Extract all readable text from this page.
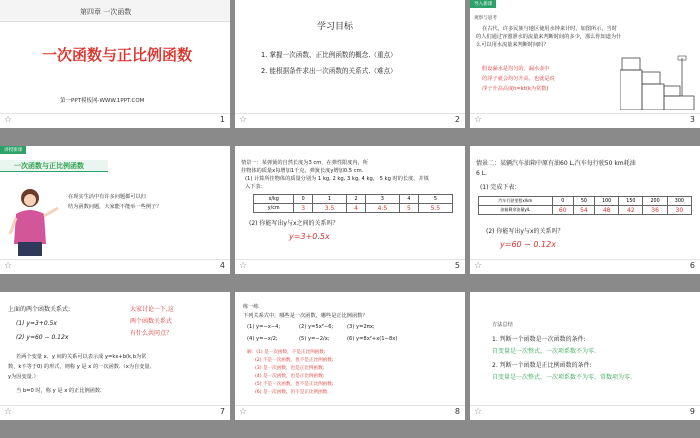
第四章 一次函数
一次函数与正比例函数
第一PPT模板网-WWW.1PPT.COM
☆	1
学习目标
1. 掌握一次函数、正比例函数的概念.（重点）
2. 能根据条件求出一次函数的关系式.（难点）
☆	2
导入新课
观察与思考
在古代，许多民族与地区使用水钟来计时，如图所示，当时
的人们通过容器泄水的流量来判断时间的多少，那么你知道为什
么可以用水流量来判断时间吗？
假设漏水是均匀的，漏水壶中
的浮子就会均匀升高，也就是说
浮子升高高度h=kt(k为常数)
☆	3
讲授新课
一次函数与正比例函数
在现实生活中有许多问题都可以归
结为函数问题，大家能不能举一些例子？
☆	4
情景一：某弹簧的自然长度为3 cm，在弹性限度内，所
挂物体的质量x每增加1千克，弹簧长度y增加0.5 cm.
(1) 计算所挂物体的质量分别为 1 kg, 2 kg, 3 kg, 4 kg， 5 kg 时的长度，并填
入下表：
x/kg	0	1	2	3	4	5
y/cm	3	3.5	4	4.5	5	5.5
(2) 你能写出y与x之间的关系吗？
y=3+0.5x
☆	5
情景二：某辆汽车油箱中原有油60 L,汽车每行驶50 km耗油
6 L.
(1) 完成下表：
汽车行驶里程x/km	0	50	100	150	200	300
油箱剩余油量y/L	60	54	48	42	36	30
(2) 你能写出y与x的关系吗？
y=60 − 0.12x
☆	6
上面的两个函数关系式:
(1) y=3+0.5x
(2) y=60 − 0.12x
大家讨论一下,这
两个函数关系式
有什么共同点？
若两个变量 x、y 间的关系可以表示成 y=kx+b(k,b为常
数，k不等于0) 的形式，则称 y 是 x 的一次函数.（x为自变量,
y为因变量.）
当 b=0 时，称 y 是 x 的正比例函数.
☆	7
练一练
下列关系式中，哪些是一次函数，哪些是正比例函数？
(1) y=−x−4;	(2) y=5x²−6;	(3) y=2πx;
(4) y=−x/2;	(5) y=−2/x;	(6) y=8x²+x(1−8x)
解：(1) 是一次函数，不是正比例函数;
(2) 不是一次函数，也不是正比例函数;
(3) 是一次函数，也是正比例函数;
(4) 是一次函数，也是正比例函数;
(5) 不是一次函数，也不是正比例函数;
(6) 是一次函数，但不是正比例函数.
☆	8
方法总结
1. 判断一个函数是一次函数的条件:
自变量是一次整式，一次项系数不为零.
2. 判断一个函数是正比例函数的条件:
自变量是一次整式，一次项系数不为零，常数项为零.
☆	9
